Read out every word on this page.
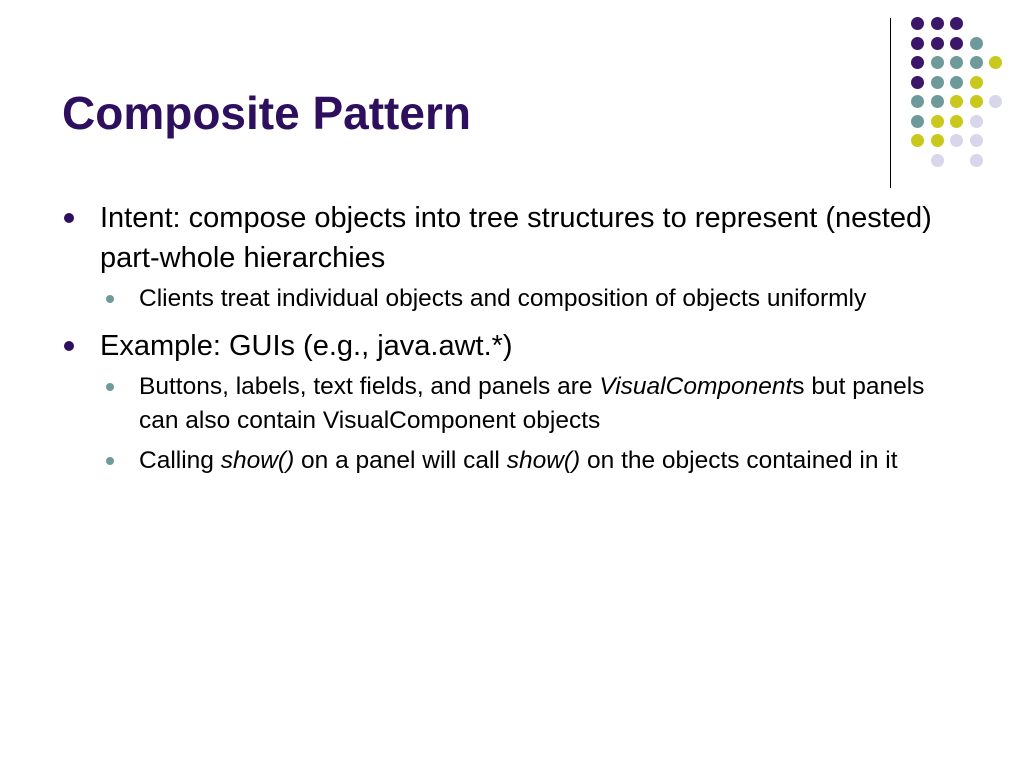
Composite Pattern
Intent: compose objects into tree structures to represent (nested) part-whole hierarchies
Clients treat individual objects and composition of objects uniformly
Example: GUIs (e.g., java.awt.*)
Buttons, labels, text fields, and panels are VisualComponents but panels can also contain VisualComponent objects
Calling show() on a panel will call show() on the objects contained in it
